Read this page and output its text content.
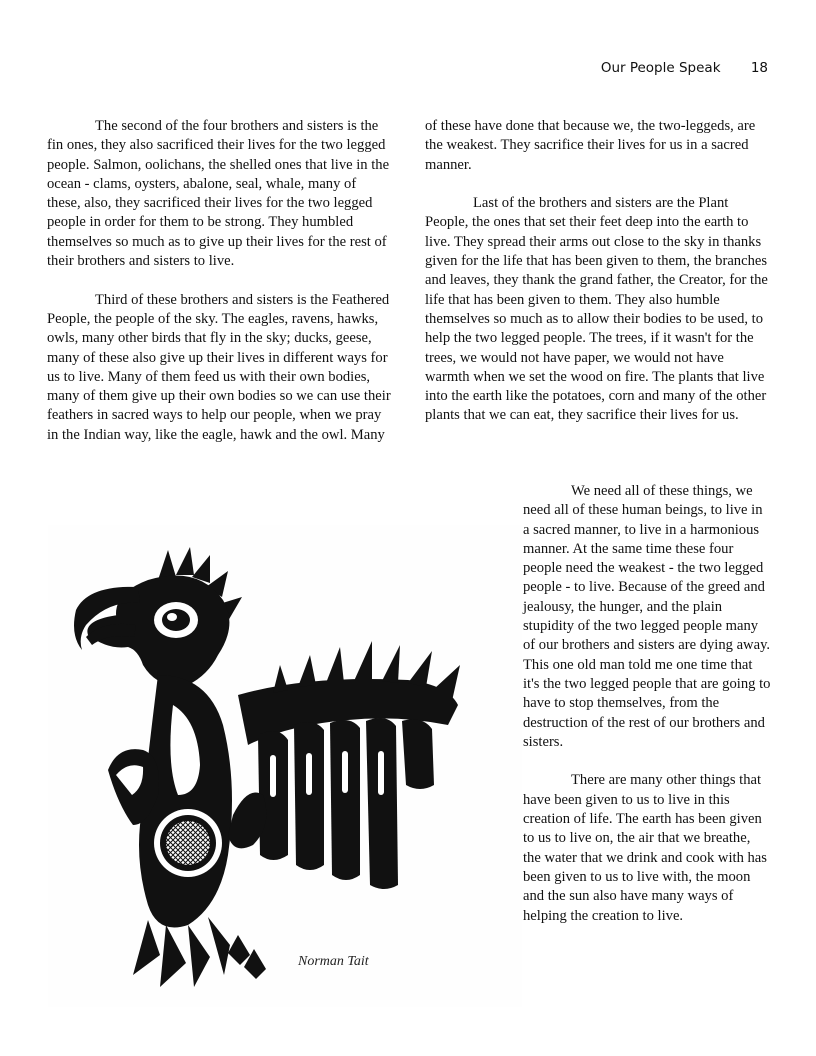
Our People Speak 18

The second of the four brothers and sisters is the fin ones, they also sacrificed their lives for the two legged people. Salmon, oolichans, the shelled ones that live in the ocean - clams, oysters, abalone, seal, whale, many of these, also, they sacrificed their lives for the two legged people in order for them to be strong. They humbled themselves so much as to give up their lives for the rest of their brothers and sisters to live.

Third of these brothers and sisters is the Feathered People, the people of the sky. The eagles, ravens, hawks, owls, many other birds that fly in the sky; ducks, geese, many of these also give up their lives in different ways for us to live. Many of them feed us with their own bodies, many of them give up their own bodies so we can use their feathers in sacred ways to help our people, when we pray in the Indian way, like the eagle, hawk and the owl. Many

of these have done that because we, the two-leggeds, are the weakest. They sacrifice their lives for us in a sacred manner.

Last of the brothers and sisters are the Plant People, the ones that set their feet deep into the earth to live. They spread their arms out close to the sky in thanks given for the life that has been given to them, the branches and leaves, they thank the grand father, the Creator, for the life that has been given to them. They also humble themselves so much as to allow their bodies to be used, to help the two legged people. The trees, if it wasn't for the trees, we would not have paper, we would not have warmth when we set the wood on fire. The plants that live into the earth like the potatoes, corn and many of the other plants that we can eat, they sacrifice their lives for us.

We need all of these things, we need all of these human beings, to live in a sacred manner, to live in a harmonious manner. At the same time these four people need the weakest - the two legged people - to live. Because of the greed and jealousy, the hunger, and the plain stupidity of the two legged people many of our brothers and sisters are dying away. This one old man told me one time that it's the two legged people that are going to have to stop themselves, from the destruction of the rest of our brothers and sisters.

There are many other things that have been given to us to live in this creation of life. The earth has been given to us to live on, the air that we breathe, the water that we drink and cook with has been given to us to live with, the moon and the sun also have many ways of helping the creation to live.

Norman Tait
